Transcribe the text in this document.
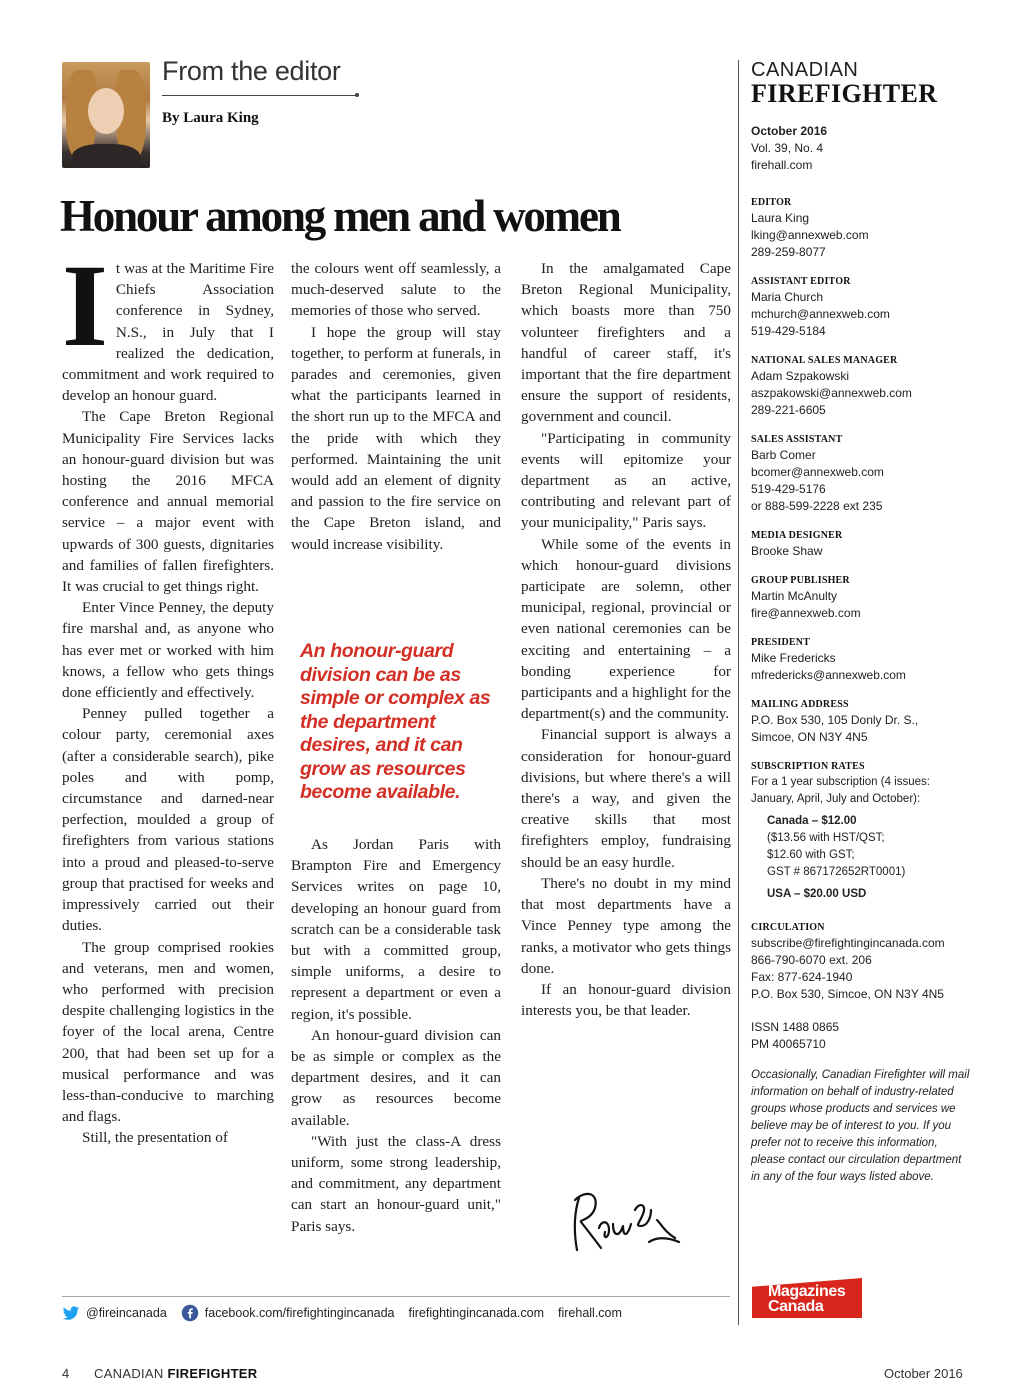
From the editor
By Laura King
Honour among men and women
I t was at the Maritime Fire Chiefs Association conference in Sydney, N.S., in July that I realized the dedication, commitment and work required to develop an honour guard.

The Cape Breton Regional Municipality Fire Services lacks an honour-guard division but was hosting the 2016 MFCA conference and annual memorial service – a major event with upwards of 300 guests, dignitaries and families of fallen firefighters. It was crucial to get things right.

Enter Vince Penney, the deputy fire marshal and, as anyone who has ever met or worked with him knows, a fellow who gets things done efficiently and effectively.

Penney pulled together a colour party, ceremonial axes (after a considerable search), pike poles and with pomp, circumstance and darned-near perfection, moulded a group of firefighters from various stations into a proud and pleased-to-serve group that practised for weeks and impressively carried out their duties.

The group comprised rookies and veterans, men and women, who performed with precision despite challenging logistics in the foyer of the local arena, Centre 200, that had been set up for a musical performance and was less-than-conducive to marching and flags.

Still, the presentation of

the colours went off seamlessly, a much-deserved salute to the memories of those who served.

I hope the group will stay together, to perform at funerals, in parades and ceremonies, given what the participants learned in the short run up to the MFCA and the pride with which they performed. Maintaining the unit would add an element of dignity and passion to the fire service on the Cape Breton island, and would increase visibility.

An honour-guard division can be as simple or complex as the department desires, and it can grow as resources become available.

As Jordan Paris with Brampton Fire and Emergency Services writes on page 10, developing an honour guard from scratch can be a considerable task but with a committed group, simple uniforms, a desire to represent a department or even a region, it's possible.

An honour-guard division can be as simple or complex as the department desires, and it can grow as resources become available.

"With just the class-A dress uniform, some strong leadership, and commitment, any department can start an honour-guard unit," Paris says.

In the amalgamated Cape Breton Regional Municipality, which boasts more than 750 volunteer firefighters and a handful of career staff, it's important that the fire department ensure the support of residents, government and council.

"Participating in community events will epitomize your department as an active, contributing and relevant part of your municipality," Paris says.

While some of the events in which honour-guard divisions participate are solemn, other municipal, regional, provincial or even national ceremonies can be exciting and entertaining – a bonding experience for participants and a highlight for the department(s) and the community.

Financial support is always a consideration for honour-guard divisions, but where there's a will there's a way, and given the creative skills that most firefighters employ, fundraising should be an easy hurdle.

There's no doubt in my mind that most departments have a Vince Penney type among the ranks, a motivator who gets things done.

If an honour-guard division interests you, be that leader.

CANADIAN
FIREFIGHTER
October 2016
Vol. 39, No. 4
firehall.com
EDITOR
Laura King
lking@annexweb.com
289-259-8077
ASSISTANT EDITOR
Maria Church
mchurch@annexweb.com
519-429-5184
NATIONAL SALES MANAGER
Adam Szpakowski
aszpakowski@annexweb.com
289-221-6605
SALES ASSISTANT
Barb Comer
bcomer@annexweb.com
519-429-5176
or 888-599-2228 ext 235
MEDIA DESIGNER
Brooke Shaw
GROUP PUBLISHER
Martin McAnulty
fire@annexweb.com
PRESIDENT
Mike Fredericks
mfredericks@annexweb.com
MAILING ADDRESS
P.O. Box 530, 105 Donly Dr. S.,
Simcoe, ON N3Y 4N5
SUBSCRIPTION RATES
For a 1 year subscription (4 issues:
January, April, July and October):
Canada – $12.00
($13.56 with HST/QST;
$12.60 with GST;
GST # 867172652RT0001)
USA – $20.00 USD
CIRCULATION
subscribe@firefightingincanada.com
866-790-6070 ext. 206
Fax: 877-624-1940
P.O. Box 530, Simcoe, ON N3Y 4N5
ISSN 1488 0865
PM 40065710
Occasionally, Canadian Firefighter will mail information on behalf of industry-related groups whose products and services we believe may be of interest to you. If you prefer not to receive this information, please contact our circulation department in any of the four ways listed above.
Magazines
Canada
@fireincanada	facebook.com/firefightingincanada firefightingincanada.com firehall.com
4 CANADIAN FIREFIGHTER	October 2016
